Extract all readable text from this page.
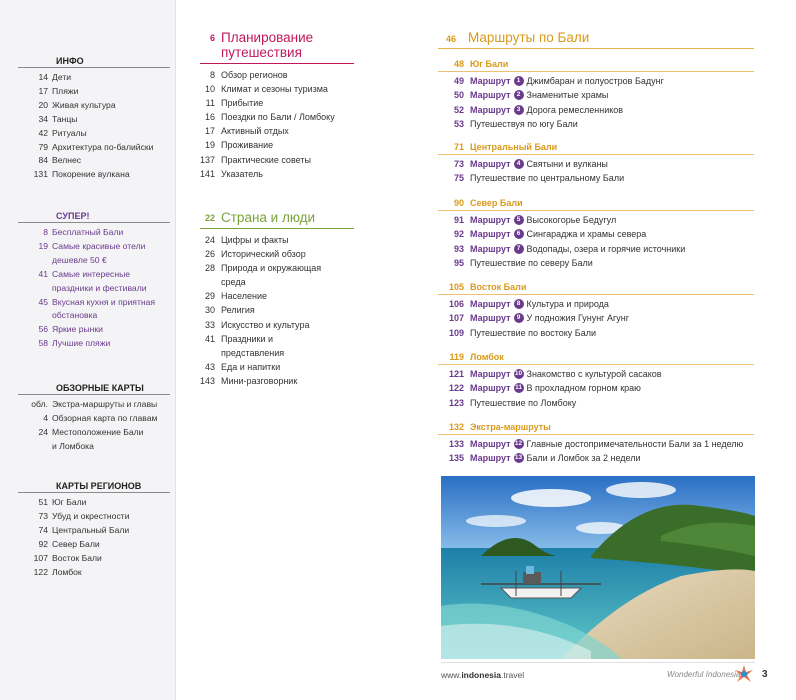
ИНФО
14 Дети
17 Пляжи
20 Живая культура
34 Танцы
42 Ритуалы
79 Архитектура по-балийски
84 Велнес
131 Покорение вулкана
СУПЕР!
8 Бесплатный Бали
19 Самые красивые отели
дешевле 50 €
41 Самые интересные
праздники и фестивали
45 Вкусная кухня и приятная
обстановка
56 Яркие рынки
58 Лучшие пляжи
ОБЗОРНЫЕ КАРТЫ
обл. Экстра-маршруты и главы
4 Обзорная карта по главам
24 Местоположение Бали
и Ломбока
КАРТЫ РЕГИОНОВ
51 Юг Бали
73 Убуд и окрестности
74 Центральный Бали
92 Север Бали
107 Восток Бали
122 Ломбок
6 Планирование путешествия
8 Обзор регионов
10 Климат и сезоны туризма
11 Прибытие
16 Поездки по Бали / Ломбоку
17 Активный отдых
19 Проживание
137 Практические советы
141 Указатель
22 Страна и люди
24 Цифры и факты
26 Исторический обзор
28 Природа и окружающая
среда
29 Население
30 Религия
33 Искусство и культура
41 Праздники и
представления
43 Еда и напитки
143 Мини-разговорник
46 Маршруты по Бали
48 Юг Бали
49 Маршрут 1 Джимбаран и полуостров Бадунг
50 Маршрут 2 Знаменитые храмы
52 Маршрут 3 Дорога ремесленников
53 Путешествуя по югу Бали
71 Центральный Бали
73 Маршрут 4 Святыни и вулканы
75 Путешествие по центральному Бали
90 Север Бали
91 Маршрут 5 Высокогорье Бедугул
92 Маршрут 6 Сингараджа и храмы севера
93 Маршрут 7 Водопады, озера и горячие источники
95 Путешествие по северу Бали
105 Восток Бали
106 Маршрут 8 Культура и природа
107 Маршрут 9 У подножия Гунунг Агунг
109 Путешествие по востоку Бали
119 Ломбок
121 Маршрут 10 Знакомство с культурой сасаков
122 Маршрут 11 В прохладном горном краю
123 Путешествие по Ломбоку
132 Экстра-маршруты
133 Маршрут 12 Главные достопримечательности Бали за 1 неделю
135 Маршрут 13 Бали и Ломбок за 2 недели
www.indonesia.travel	Wonderful Indonesia 3
